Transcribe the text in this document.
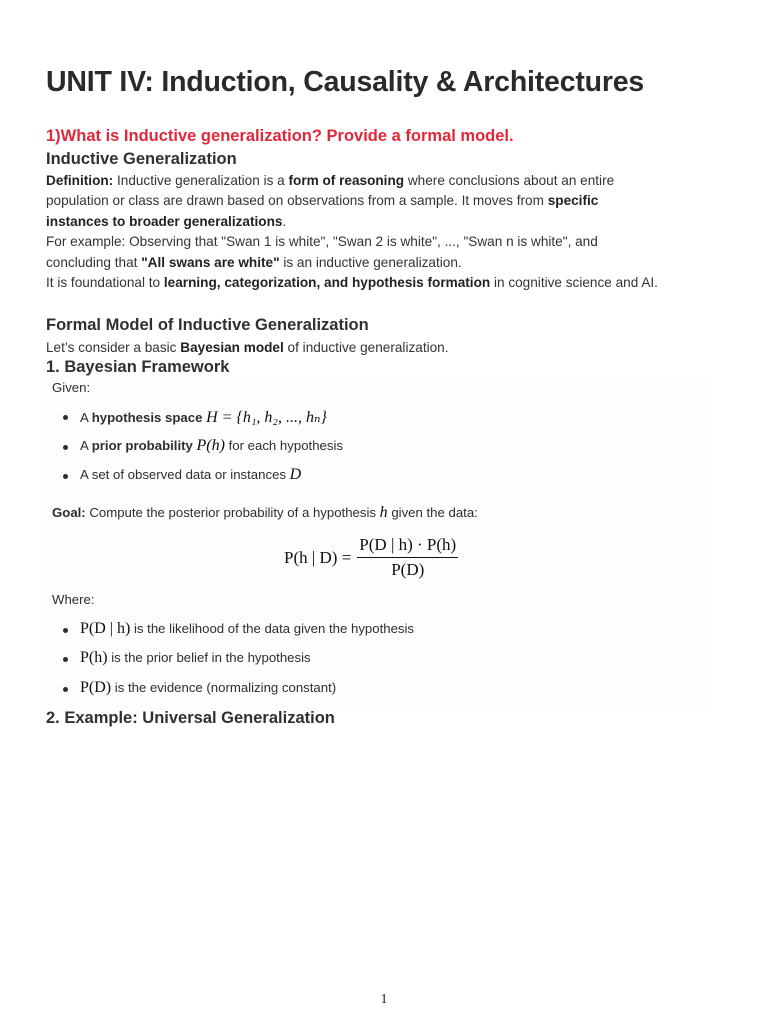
UNIT IV: Induction, Causality & Architectures
1)What is Inductive generalization? Provide a formal model.
Inductive Generalization
Definition: Inductive generalization is a form of reasoning where conclusions about an entire
population or class are drawn based on observations from a sample. It moves from specific
instances to broader generalizations.
For example: Observing that "Swan 1 is white", "Swan 2 is white", ..., "Swan n is white", and
concluding that "All swans are white" is an inductive generalization.
It is foundational to learning, categorization, and hypothesis formation in cognitive science and AI.
Formal Model of Inductive Generalization
Let’s consider a basic Bayesian model of inductive generalization.
1. Bayesian Framework
Given:
A hypothesis space H = {h₁, h₂, ..., hₙ}
A prior probability P(h) for each hypothesis
A set of observed data or instances D
Goal: Compute the posterior probability of a hypothesis h given the data:
P(h | $D) = \frac{P(D | h) \cdot P(h)}{P(D)}$
Where:
P(D | h) is the likelihood of the data given the hypothesis
P(h) is the prior belief in the hypothesis
P(D) is the evidence (normalizing constant)
2. Example: Universal Generalization
1
